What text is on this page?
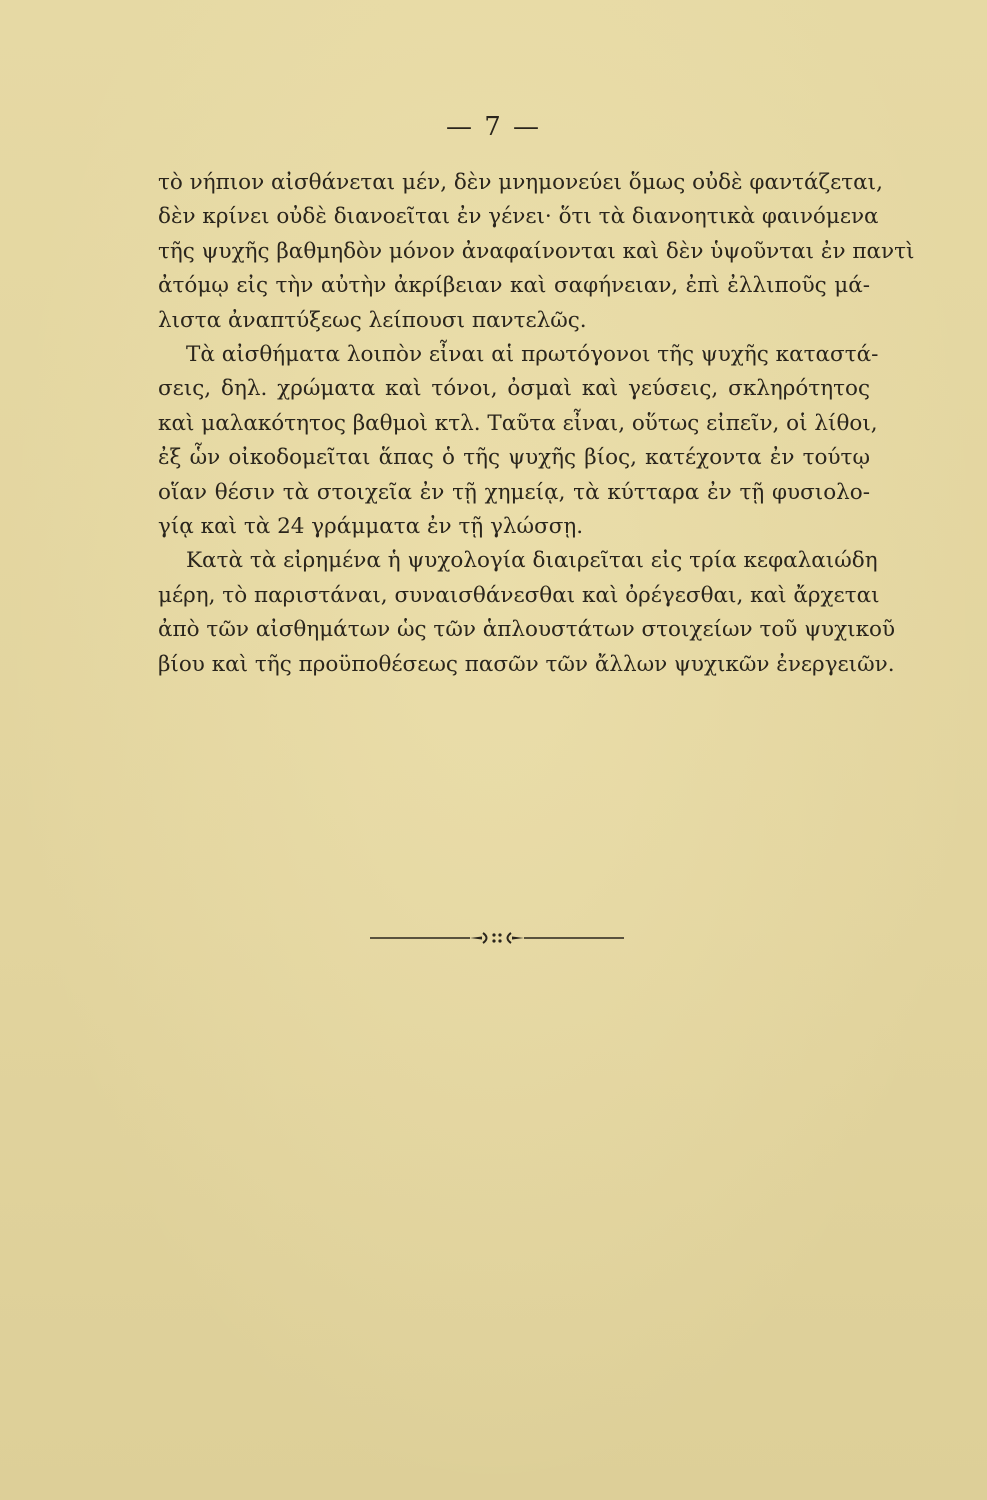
— 7 —
τὸ νήπιον αἰσθάνεται μέν, δὲν μνημονεύει ὅμως οὐδὲ φαντάζεται,
δὲν κρίνει οὐδὲ διανοεῖται ἐν γένει· ὅτι τὰ διανοητικὰ φαινόμενα
τῆς ψυχῆς βαθμηδὸν μόνον ἀναφαίνονται καὶ δὲν ὑψοῦνται ἐν παντὶ
ἀτόμῳ εἰς τὴν αὐτὴν ἀκρίβειαν καὶ σαφήνειαν, ἐπὶ ἐλλιποῦς μά-
λιστα ἀναπτύξεως λείπουσι παντελῶς.
Τὰ αἰσθήματα λοιπὸν εἶναι αἱ πρωτόγονοι τῆς ψυχῆς καταστά-
σεις, δηλ. χρώματα καὶ τόνοι, ὀσμαὶ καὶ γεύσεις, σκληρότητος
καὶ μαλακότητος βαθμοὶ κτλ. Ταῦτα εἶναι, οὕτως εἰπεῖν, οἱ λίθοι,
ἐξ ὧν οἰκοδομεῖται ἅπας ὁ τῆς ψυχῆς βίος, κατέχοντα ἐν τούτῳ
οἵαν θέσιν τὰ στοιχεῖα ἐν τῇ χημείᾳ, τὰ κύτταρα ἐν τῇ φυσιολο-
γίᾳ καὶ τὰ 24 γράμματα ἐν τῇ γλώσσῃ.
Κατὰ τὰ εἰρημένα ἡ ψυχολογία διαιρεῖται εἰς τρία κεφαλαιώδη
μέρη, τὸ παριστάναι, συναισθάνεσθαι καὶ ὀρέγεσθαι, καὶ ἄρχεται
ἀπὸ τῶν αἰσθημάτων ὡς τῶν ἁπλουστάτων στοιχείων τοῦ ψυχικοῦ
βίου καὶ τῆς προϋποθέσεως πασῶν τῶν ἄλλων ψυχικῶν ἐνεργειῶν.
